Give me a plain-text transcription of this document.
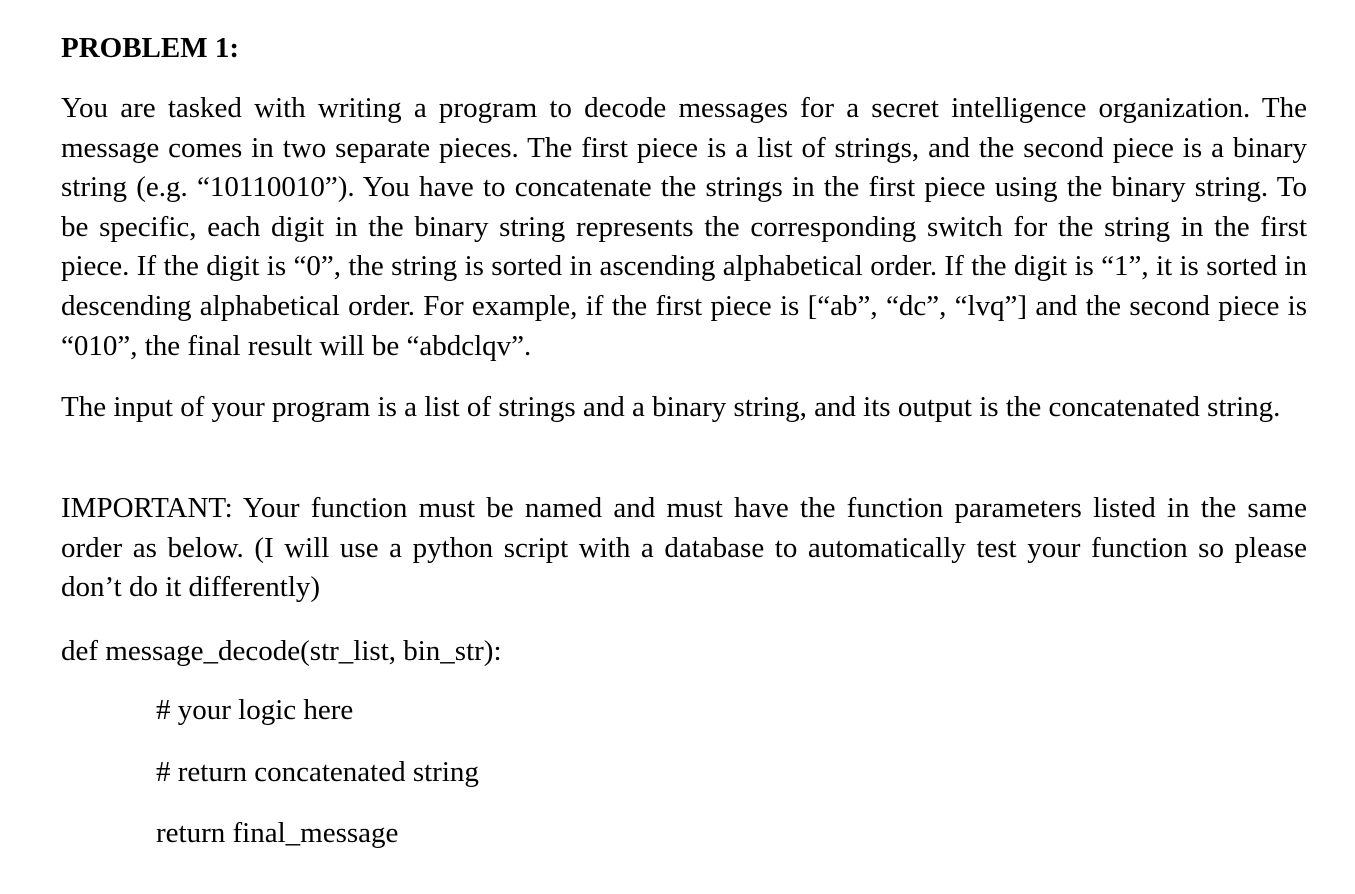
PROBLEM 1:

You are tasked with writing a program to decode messages for a secret intelligence organization. The message comes in two separate pieces. The first piece is a list of strings, and the second piece is a binary string (e.g. “10110010”). You have to concatenate the strings in the first piece using the binary string. To be specific, each digit in the binary string represents the corresponding switch for the string in the first piece. If the digit is “0”, the string is sorted in ascending alphabetical order. If the digit is “1”, it is sorted in descending alphabetical order. For example, if the first piece is [“ab”, “dc”, “lvq”] and the second piece is “010”, the final result will be “abdclqv”.

The input of your program is a list of strings and a binary string, and its output is the concatenated string.

IMPORTANT: Your function must be named and must have the function parameters listed in the same order as below. (I will use a python script with a database to automatically test your function so please don’t do it differently)

def message_decode(str_list, bin_str):
# your logic here
# return concatenated string
return final_message
